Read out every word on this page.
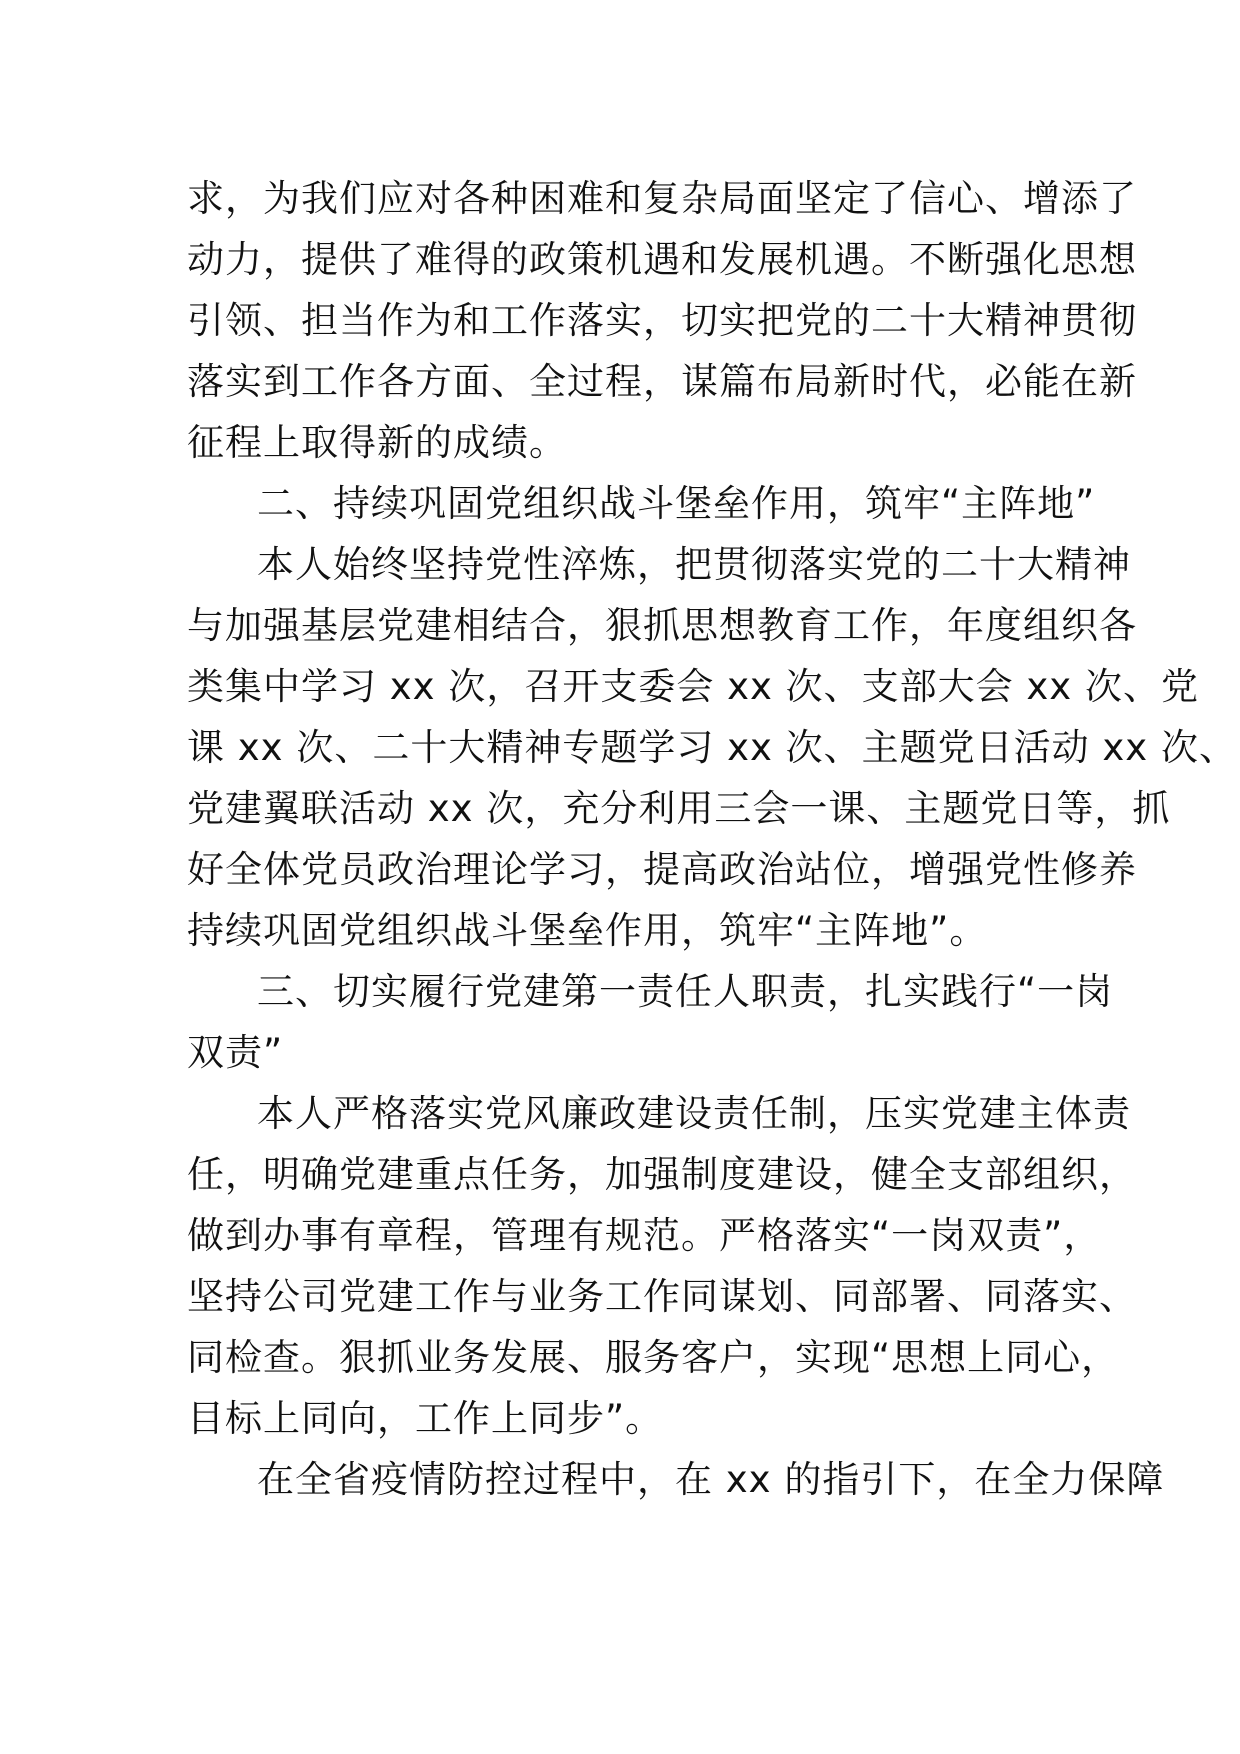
求，为我们应对各种困难和复杂局面坚定了信心、增添了
动力，提供了难得的政策机遇和发展机遇。不断强化思想
引领、担当作为和工作落实，切实把党的二十大精神贯彻
落实到工作各方面、全过程，谋篇布局新时代，必能在新
征程上取得新的成绩。
二、持续巩固党组织战斗堡垒作用，筑牢“主阵地”
本人始终坚持党性淬炼，把贯彻落实党的二十大精神
与加强基层党建相结合，狠抓思想教育工作，年度组织各
类集中学习 xx 次，召开支委会 xx 次、支部大会 xx 次、党
课 xx 次、二十大精神专题学习 xx 次、主题党日活动 xx 次、
党建翼联活动 xx 次，充分利用三会一课、主题党日等，抓
好全体党员政治理论学习，提高政治站位，增强党性修养
持续巩固党组织战斗堡垒作用，筑牢“主阵地”。
三、切实履行党建第一责任人职责，扎实践行“一岗
双责”
本人严格落实党风廉政建设责任制，压实党建主体责
任，明确党建重点任务，加强制度建设，健全支部组织，
做到办事有章程，管理有规范。严格落实“一岗双责”，
坚持公司党建工作与业务工作同谋划、同部署、同落实、
同检查。狠抓业务发展、服务客户，实现“思想上同心，
目标上同向，工作上同步”。
在全省疫情防控过程中，在 xx 的指引下，在全力保障
